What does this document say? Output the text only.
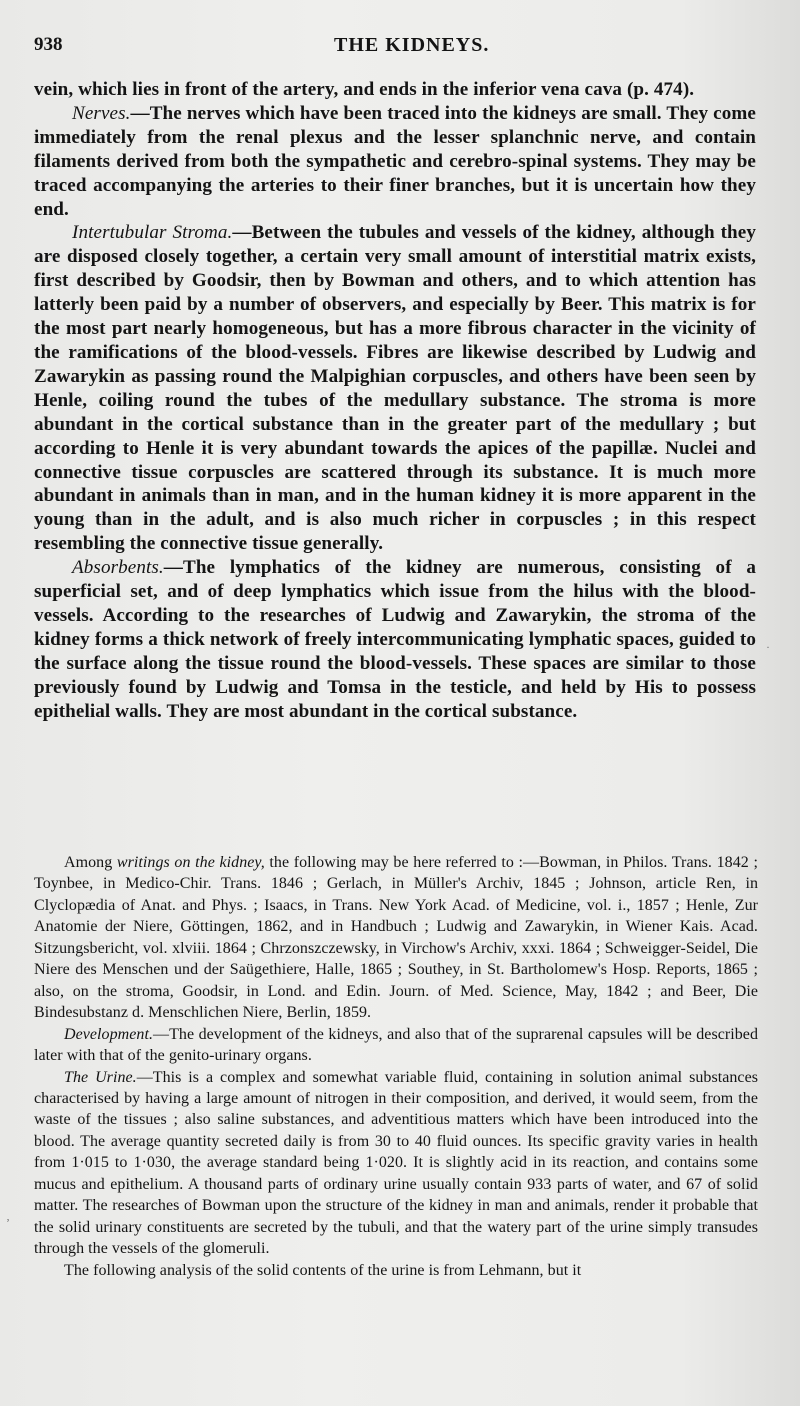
938	THE KIDNEYS.

vein, which lies in front of the artery, and ends in the inferior vena cava (p. 474).

Nerves.—The nerves which have been traced into the kidneys are small. They come immediately from the renal plexus and the lesser splanchnic nerve, and contain filaments derived from both the sympathetic and cerebro-spinal systems. They may be traced accompanying the arteries to their finer branches, but it is uncertain how they end.

Intertubular Stroma.—Between the tubules and vessels of the kidney, although they are disposed closely together, a certain very small amount of interstitial matrix exists, first described by Goodsir, then by Bowman and others, and to which attention has latterly been paid by a number of observers, and especially by Beer. This matrix is for the most part nearly homogeneous, but has a more fibrous character in the vicinity of the ramifications of the blood-vessels. Fibres are likewise described by Ludwig and Zawarykin as passing round the Malpighian corpuscles, and others have been seen by Henle, coiling round the tubes of the medullary substance. The stroma is more abundant in the cortical substance than in the greater part of the medullary ; but according to Henle it is very abundant towards the apices of the papillæ. Nuclei and connective tissue corpuscles are scattered through its substance. It is much more abundant in animals than in man, and in the human kidney it is more apparent in the young than in the adult, and is also much richer in corpuscles ; in this respect resembling the connective tissue generally.

Absorbents.—The lymphatics of the kidney are numerous, consisting of a superficial set, and of deep lymphatics which issue from the hilus with the blood-vessels. According to the researches of Ludwig and Zawarykin, the stroma of the kidney forms a thick network of freely intercommunicating lymphatic spaces, guided to the surface along the tissue round the blood-vessels. These spaces are similar to those previously found by Ludwig and Tomsa in the testicle, and held by His to possess epithelial walls. They are most abundant in the cortical substance.

Among writings on the kidney, the following may be here referred to :—Bowman, in Philos. Trans. 1842 ; Toynbee, in Medico-Chir. Trans. 1846 ; Gerlach, in Müller's Archiv, 1845 ; Johnson, article Ren, in Clyclopædia of Anat. and Phys. ; Isaacs, in Trans. New York Acad. of Medicine, vol. i., 1857 ; Henle, Zur Anatomie der Niere, Göttingen, 1862, and in Handbuch ; Ludwig and Zawarykin, in Wiener Kais. Acad. Sitzungsbericht, vol. xlviii. 1864 ; Chrzonszczewsky, in Virchow's Archiv, xxxi. 1864 ; Schweigger-Seidel, Die Niere des Menschen und der Saügethiere, Halle, 1865 ; Southey, in St. Bartholomew's Hosp. Reports, 1865 ; also, on the stroma, Goodsir, in Lond. and Edin. Journ. of Med. Science, May, 1842 ; and Beer, Die Bindesubstanz d. Menschlichen Niere, Berlin, 1859.

Development.—The development of the kidneys, and also that of the suprarenal capsules will be described later with that of the genito-urinary organs.

The Urine.—This is a complex and somewhat variable fluid, containing in solution animal substances characterised by having a large amount of nitrogen in their composition, and derived, it would seem, from the waste of the tissues ; also saline substances, and adventitious matters which have been introduced into the blood. The average quantity secreted daily is from 30 to 40 fluid ounces. Its specific gravity varies in health from 1·015 to 1·030, the average standard being 1·020. It is slightly acid in its reaction, and contains some mucus and epithelium. A thousand parts of ordinary urine usually contain 933 parts of water, and 67 of solid matter. The researches of Bowman upon the structure of the kidney in man and animals, render it probable that the solid urinary constituents are secreted by the tubuli, and that the watery part of the urine simply transudes through the vessels of the glomeruli.

The following analysis of the solid contents of the urine is from Lehmann, but it

·
ʼ
